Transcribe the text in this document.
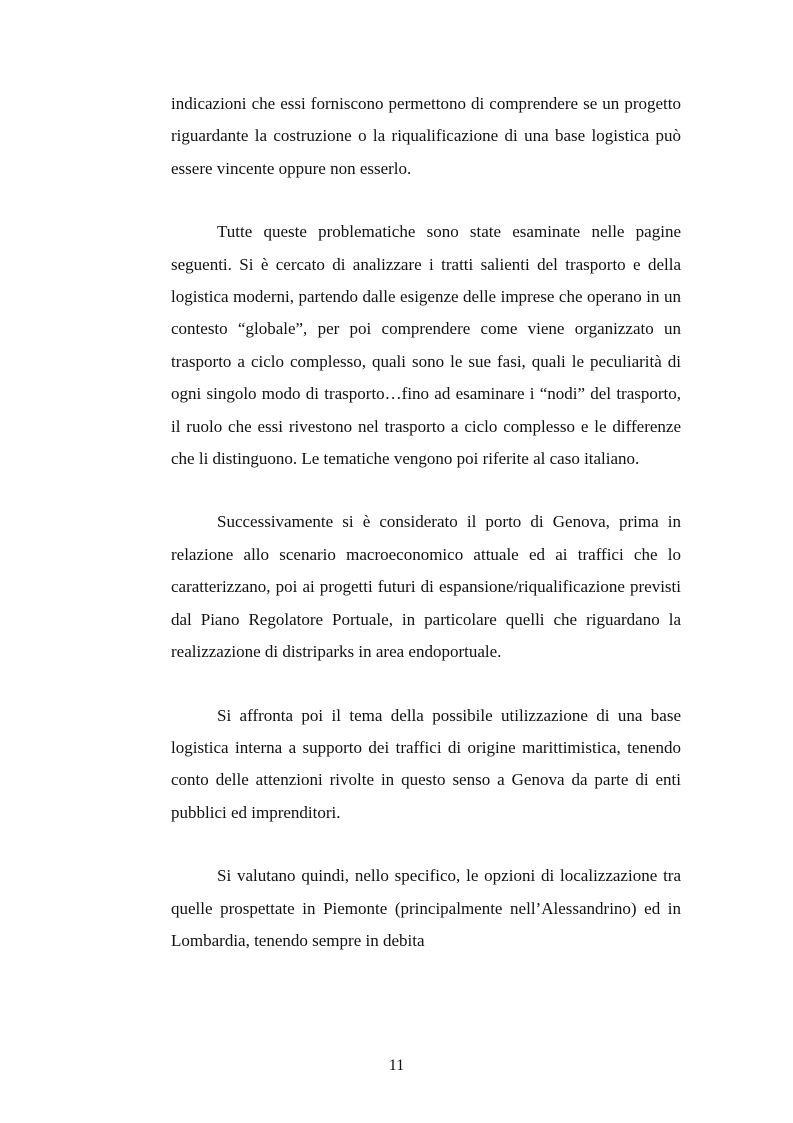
indicazioni che essi forniscono permettono di comprendere se un progetto riguardante la costruzione o la riqualificazione di una base logistica può essere vincente oppure non esserlo.

Tutte queste problematiche sono state esaminate nelle pagine seguenti. Si è cercato di analizzare i tratti salienti del trasporto e della logistica moderni, partendo dalle esigenze delle imprese che operano in un contesto “globale”, per poi comprendere come viene organizzato un trasporto a ciclo complesso, quali sono le sue fasi, quali le peculiarità di ogni singolo modo di trasporto…fino ad esaminare i “nodi” del trasporto, il ruolo che essi rivestono nel trasporto a ciclo complesso e le differenze che li distinguono. Le tematiche vengono poi riferite al caso italiano.

Successivamente si è considerato il porto di Genova, prima in relazione allo scenario macroeconomico attuale ed ai traffici che lo caratterizzano, poi ai progetti futuri di espansione/riqualificazione previsti dal Piano Regolatore Portuale, in particolare quelli che riguardano la realizzazione di distriparks in area endoportuale.

Si affronta poi il tema della possibile utilizzazione di una base logistica interna a supporto dei traffici di origine marittimistica, tenendo conto delle attenzioni rivolte in questo senso a Genova da parte di enti pubblici ed imprenditori.

Si valutano quindi, nello specifico, le opzioni di localizzazione tra quelle prospettate in Piemonte (principalmente nell’Alessandrino) ed in Lombardia, tenendo sempre in debita

11
